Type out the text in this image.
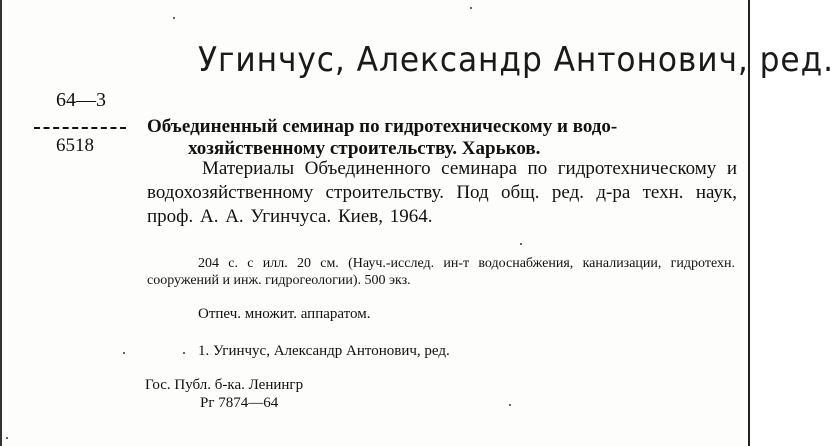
Угинчус, Александр Антонович, ред.
64—3
6518
Объединенный семинар по гидротехническому и водо-
хозяйственному строительству. Харьков.
Материалы Объединенного семинара по гидротехническому и водохозяйственному строительству. Под общ. ред. д-ра техн. наук, проф. А. А. Угинчуса. Киев, 1964.
204 с. с илл. 20 см. (Науч.-исслед. ин-т водоснабжения, канализации, гидротехн. сооружений и инж. гидрогеологии). 500 экз.
Отпеч. множит. аппаратом.
1. Угинчус, Александр Антонович, ред.
Гос. Публ. б-ка. Ленингр
Рг 7874—64
